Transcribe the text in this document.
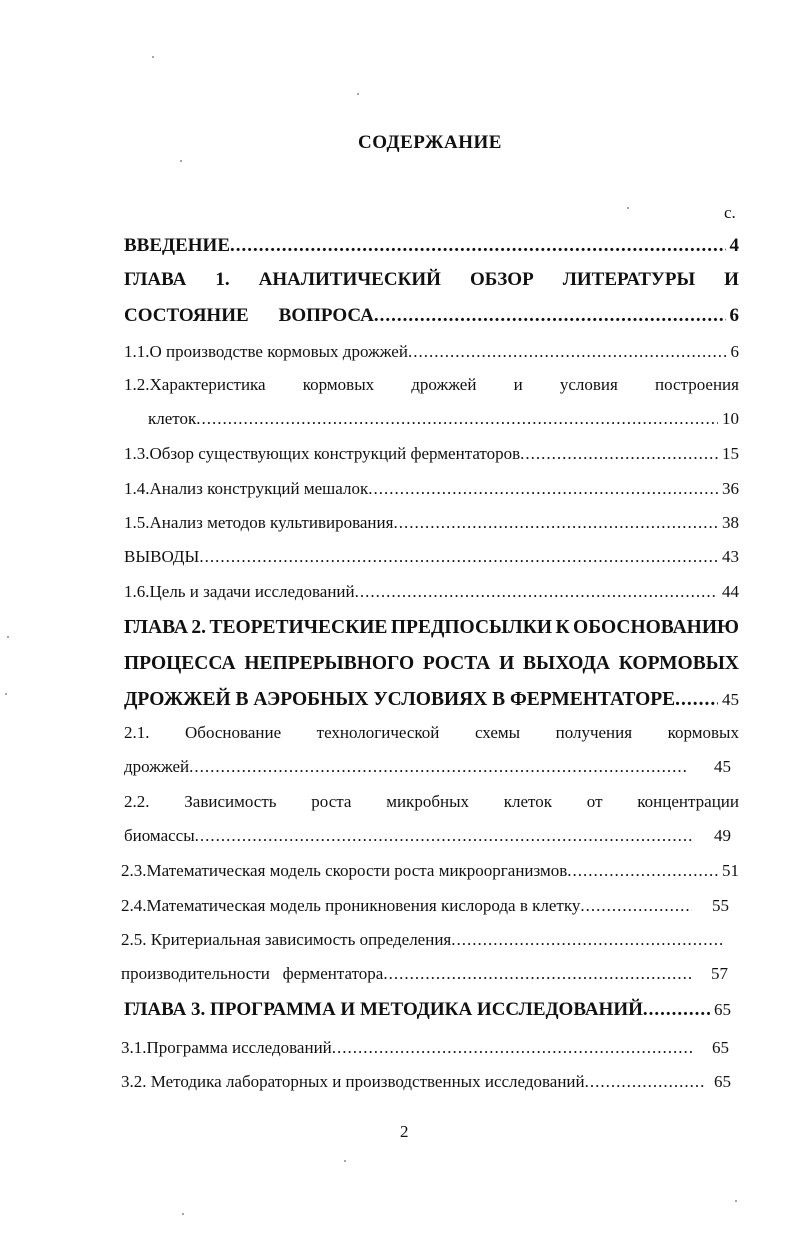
СОДЕРЖАНИЕ
с.
ВВЕДЕНИЕ .....	4
ГЛАВА 1. АНАЛИТИЧЕСКИЙ ОБЗОР ЛИТЕРАТУРЫ И
СОСТОЯНИЕ ВОПРОСА .....	6
1.1.О производстве кормовых дрожжей .....	6
1.2.Характеристика кормовых дрожжей и условия построения
клеток .....	10
1.3.Обзор существующих конструкций ферментаторов .....	15
1.4.Анализ конструкций мешалок .....	36
1.5.Анализ методов культивирования .....	38
ВЫВОДЫ .....	43
1.6.Цель и задачи исследований .....	44
ГЛАВА 2. ТЕОРЕТИЧЕСКИЕ ПРЕДПОСЫЛКИ К ОБОСНОВАНИЮ
ПРОЦЕССА НЕПРЕРЫВНОГО РОСТА И ВЫХОДА КОРМОВЫХ
ДРОЖЖЕЙ В АЭРОБНЫХ УСЛОВИЯХ В ФЕРМЕНТАТОРЕ .....	45
2.1. Обоснование технологической схемы получения кормовых
дрожжей .....	45
2.2. Зависимость роста микробных клеток от концентрации
биомассы .....	49
2.3.Математическая модель скорости роста микроорганизмов .....	51
2.4.Математическая модель проникновения кислорода в клетку .....	55
2.5. Критериальная зависимость определения
.....
производительности   ферментатора .....	57
ГЛАВА 3. ПРОГРАММА И МЕТОДИКА ИССЛЕДОВАНИЙ .....	65
3.1.Программа исследований .....	65
3.2. Методика лабораторных и производственных исследований .....	65
2
